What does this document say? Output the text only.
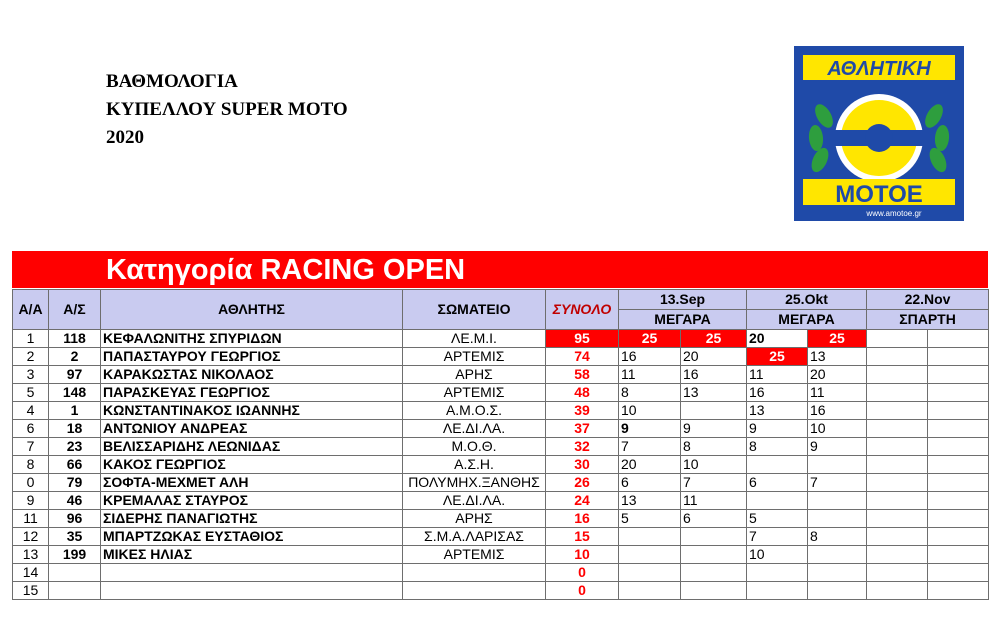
ΒΑΘΜΟΛΟΓΙΑ
ΚΥΠΕΛΛΟΥ SUPER MOTO
2020
ΑΘΛΗΤΙΚΗ
ΜΟΤΟΕ
www.amotoe.gr
Κατηγορία RACING OPEN
Α/Α	Α/Σ	ΑΘΛΗΤΗΣ	ΣΩΜΑΤΕΙΟ	ΣΥΝΟΛΟ	13.Sep		25.Okt		22.Nov	
					ΜΕΓΑΡΑ		ΜΕΓΑΡΑ		ΣΠΑΡΤΗ	
1	118	ΚΕΦΑΛΩΝΙΤΗΣ ΣΠΥΡΙΔΩΝ	ΛΕ.Μ.Ι.	95	25	25	20	25		
2	2	ΠΑΠΑΣΤΑΥΡΟΥ ΓΕΩΡΓΙΟΣ	ΑΡΤΕΜΙΣ	74	16	20	25	13		
3	97	ΚΑΡΑΚΩΣΤΑΣ ΝΙΚΟΛΑΟΣ	ΑΡΗΣ	58	11	16	11	20		
5	148	ΠΑΡΑΣΚΕΥΑΣ ΓΕΩΡΓΙΟΣ	ΑΡΤΕΜΙΣ	48	8	13	16	11		
4	1	ΚΩΝΣΤΑΝΤΙΝΑΚΟΣ ΙΩΑΝΝΗΣ	Α.Μ.Ο.Σ.	39	10		13	16		
6	18	ΑΝΤΩΝΙΟΥ ΑΝΔΡΕΑΣ	ΛΕ.ΔΙ.ΛΑ.	37	9	9	9	10		
7	23	ΒΕΛΙΣΣΑΡΙΔΗΣ ΛΕΩΝΙΔΑΣ	Μ.Ο.Θ.	32	7	8	8	9		
8	66	ΚΑΚΟΣ ΓΕΩΡΓΙΟΣ	Α.Σ.Η.	30	20	10				
0	79	ΣΟΦΤΑ-ΜΕΧΜΕΤ ΑΛΗ	ΠΟΛΥΜΗΧ.ΞΑΝΘΗΣ	26	6	7	6	7		
9	46	ΚΡΕΜΑΛΑΣ ΣΤΑΥΡΟΣ	ΛΕ.ΔΙ.ΛΑ.	24	13	11				
11	96	ΣΙΔΕΡΗΣ ΠΑΝΑΓΙΩΤΗΣ	ΑΡΗΣ	16	5	6	5			
12	35	ΜΠΑΡΤΖΩΚΑΣ ΕΥΣΤΑΘΙΟΣ	Σ.Μ.Α.ΛΑΡΙΣΑΣ	15			7	8		
13	199	ΜΙΚΕΣ ΗΛΙΑΣ	ΑΡΤΕΜΙΣ	10			10			
14				0						
15				0						
